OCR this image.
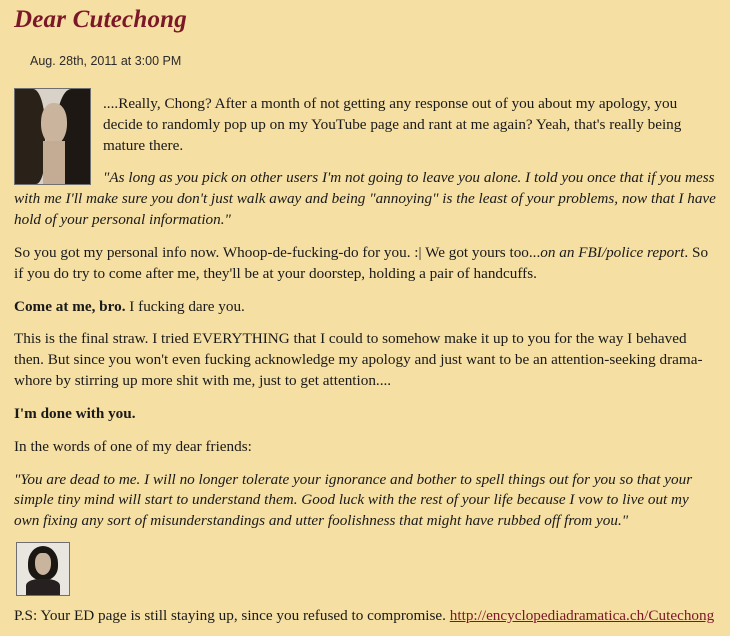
Dear Cutechong
Aug. 28th, 2011 at 3:00 PM

....Really, Chong? After a month of not getting any response out of you about my apology, you decide to randomly pop up on my YouTube page and rant at me again? Yeah, that's really being mature there.

"As long as you pick on other users I'm not going to leave you alone. I told you once that if you mess with me I'll make sure you don't just walk away and being "annoying" is the least of your problems, now that I have hold of your personal information."

So you got my personal info now. Whoop-de-fucking-do for you. :| We got yours too...on an FBI/police report. So if you do try to come after me, they'll be at your doorstep, holding a pair of handcuffs.

Come at me, bro. I fucking dare you.

This is the final straw. I tried EVERYTHING that I could to somehow make it up to you for the way I behaved then. But since you won't even fucking acknowledge my apology and just want to be an attention-seeking drama-whore by stirring up more shit with me, just to get attention....

I'm done with you.

In the words of one of my dear friends:

"You are dead to me. I will no longer tolerate your ignorance and bother to spell things out for you so that your simple tiny mind will start to understand them. Good luck with the rest of your life because I vow to live out my own fixing any sort of misunderstandings and utter foolishness that might have rubbed off from you."

P.S: Your ED page is still staying up, since you refused to compromise. http://encyclopediadramatica.ch/Cutechong
